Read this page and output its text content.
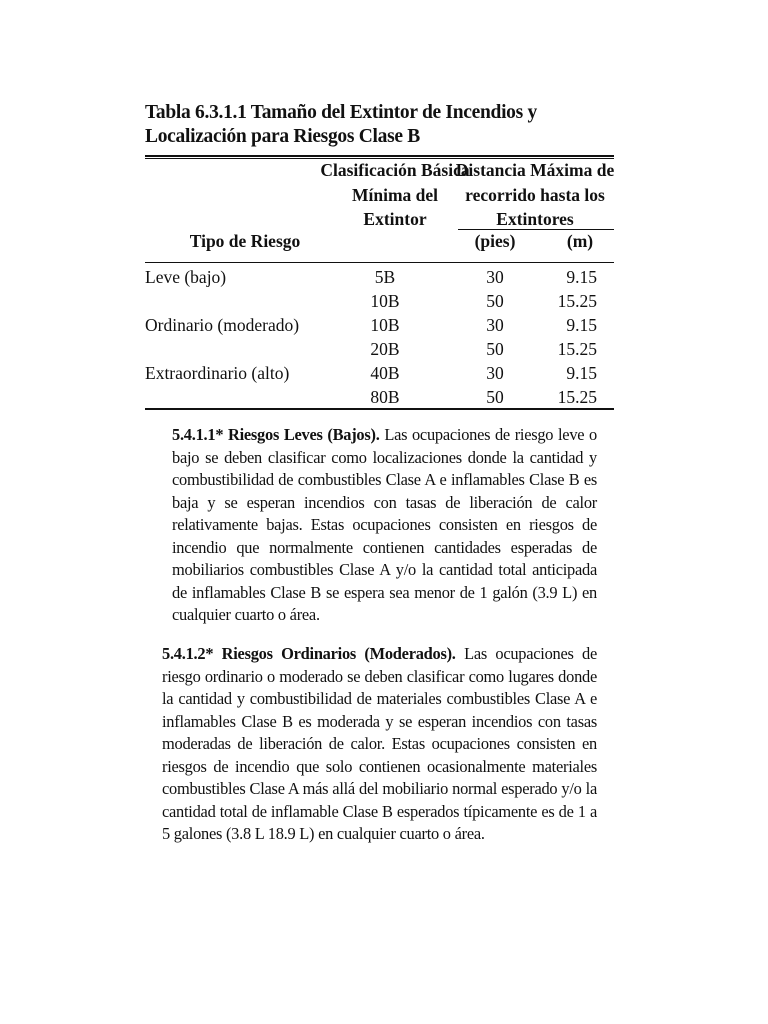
Tabla 6.3.1.1 Tamaño del Extintor de Incendios y Localización para Riesgos Clase B
Clasificación Básica Mínima del Extintor
Distancia Máxima de recorrido hasta los Extintores
Tipo de Riesgo	(pies)	(m)
Leve (bajo)	5B	30	9.15
10B	50	15.25
Ordinario (moderado)	10B	30	9.15
20B	50	15.25
Extraordinario (alto)	40B	30	9.15
80B	50	15.25

5.4.1.1* Riesgos Leves (Bajos). Las ocupaciones de riesgo leve o bajo se deben clasificar como localizaciones donde la cantidad y combustibilidad de combustibles Clase A e inflamables Clase B es baja y se esperan incendios con tasas de liberación de calor relativamente bajas. Estas ocupaciones consisten en riesgos de incendio que normalmente contienen cantidades esperadas de mobiliarios combustibles Clase A y/o la cantidad total anticipada de inflamables Clase B se espera sea menor de 1 galón (3.9 L) en cualquier cuarto o área.

5.4.1.2* Riesgos Ordinarios (Moderados). Las ocupaciones de riesgo ordinario o moderado se deben clasificar como lugares donde la cantidad y combustibilidad de materiales combustibles Clase A e inflamables Clase B es moderada y se esperan incendios con tasas moderadas de liberación de calor. Estas ocupaciones consisten en riesgos de incendio que solo contienen ocasionalmente materiales combustibles Clase A más allá del mobiliario normal esperado y/o la cantidad total de inflamable Clase B esperados típicamente es de 1 a 5 galones (3.8 L 18.9 L) en cualquier cuarto o área.
